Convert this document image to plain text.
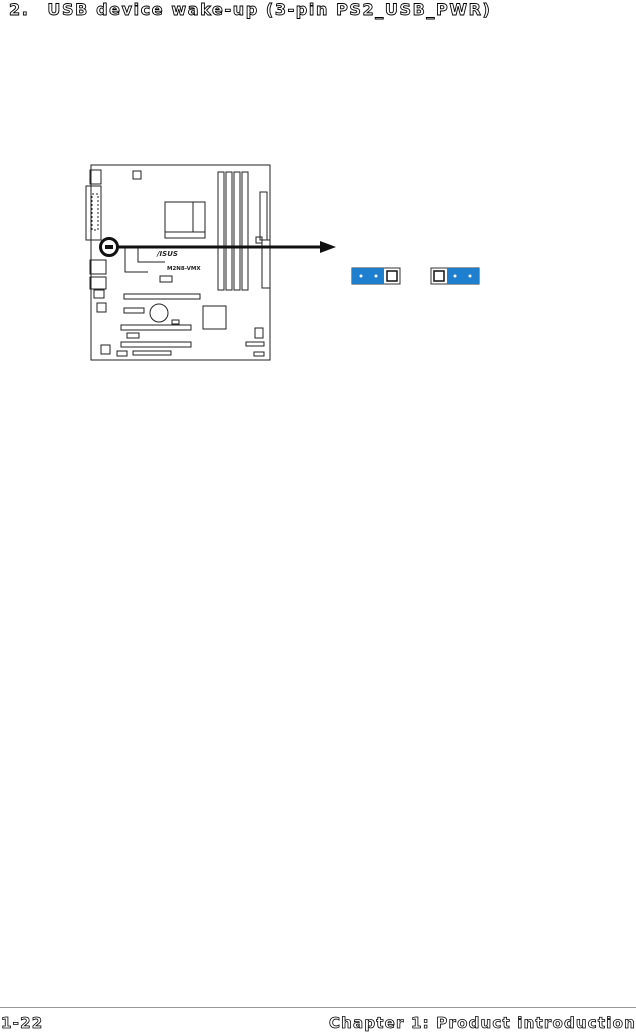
2. USB device wake-up (3-pin PS2_USB_PWR)
/ISUS
M2N8-VMX
1-22	Chapter 1: Product introduction
